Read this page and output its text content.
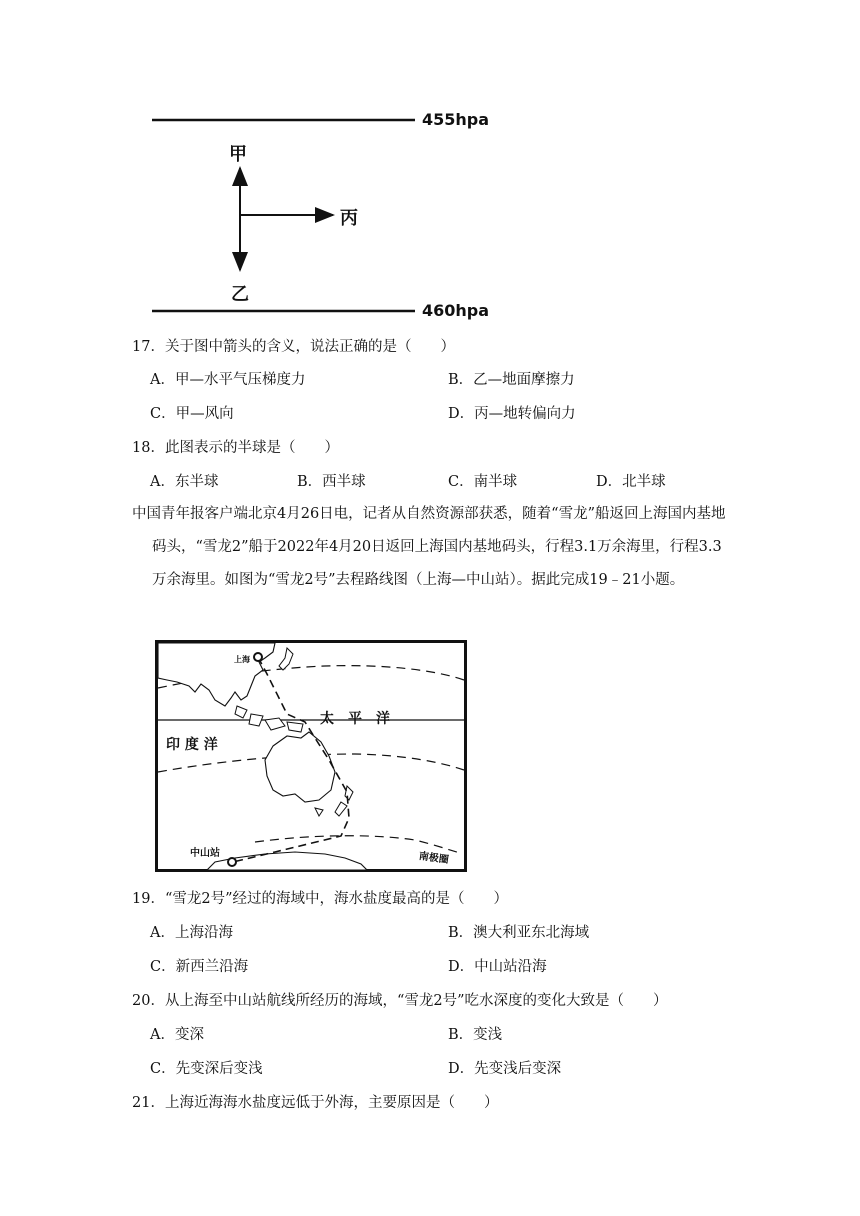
455hpa
460hpa
甲
乙
丙
17．关于图中箭头的含义，说法正确的是（　　）
A．甲—水平气压梯度力	B．乙—地面摩擦力
C．甲—风向	D．丙—地转偏向力
18．此图表示的半球是（　　）
A．东半球	B．西半球	C．南半球	D．北半球
中国青年报客户端北京4月26日电，记者从自然资源部获悉，随着“雪龙”船返回上海国内基地码头，“雪龙2”船于2022年4月20日返回上海国内基地码头，行程3.1万余海里，行程3.3万余海里。如图为“雪龙2号”去程路线图（上海—中山站）。据此完成19﹣21小题。
上海
太　平　洋
印 度 洋
中山站	南极圈
19．“雪龙2号”经过的海域中，海水盐度最高的是（　　）
A．上海沿海	B．澳大利亚东北海域
C．新西兰沿海	D．中山站沿海
20．从上海至中山站航线所经历的海域，“雪龙2号”吃水深度的变化大致是（　　）
A．变深	B．变浅
C．先变深后变浅	D．先变浅后变深
21．上海近海海水盐度远低于外海，主要原因是（　　）
